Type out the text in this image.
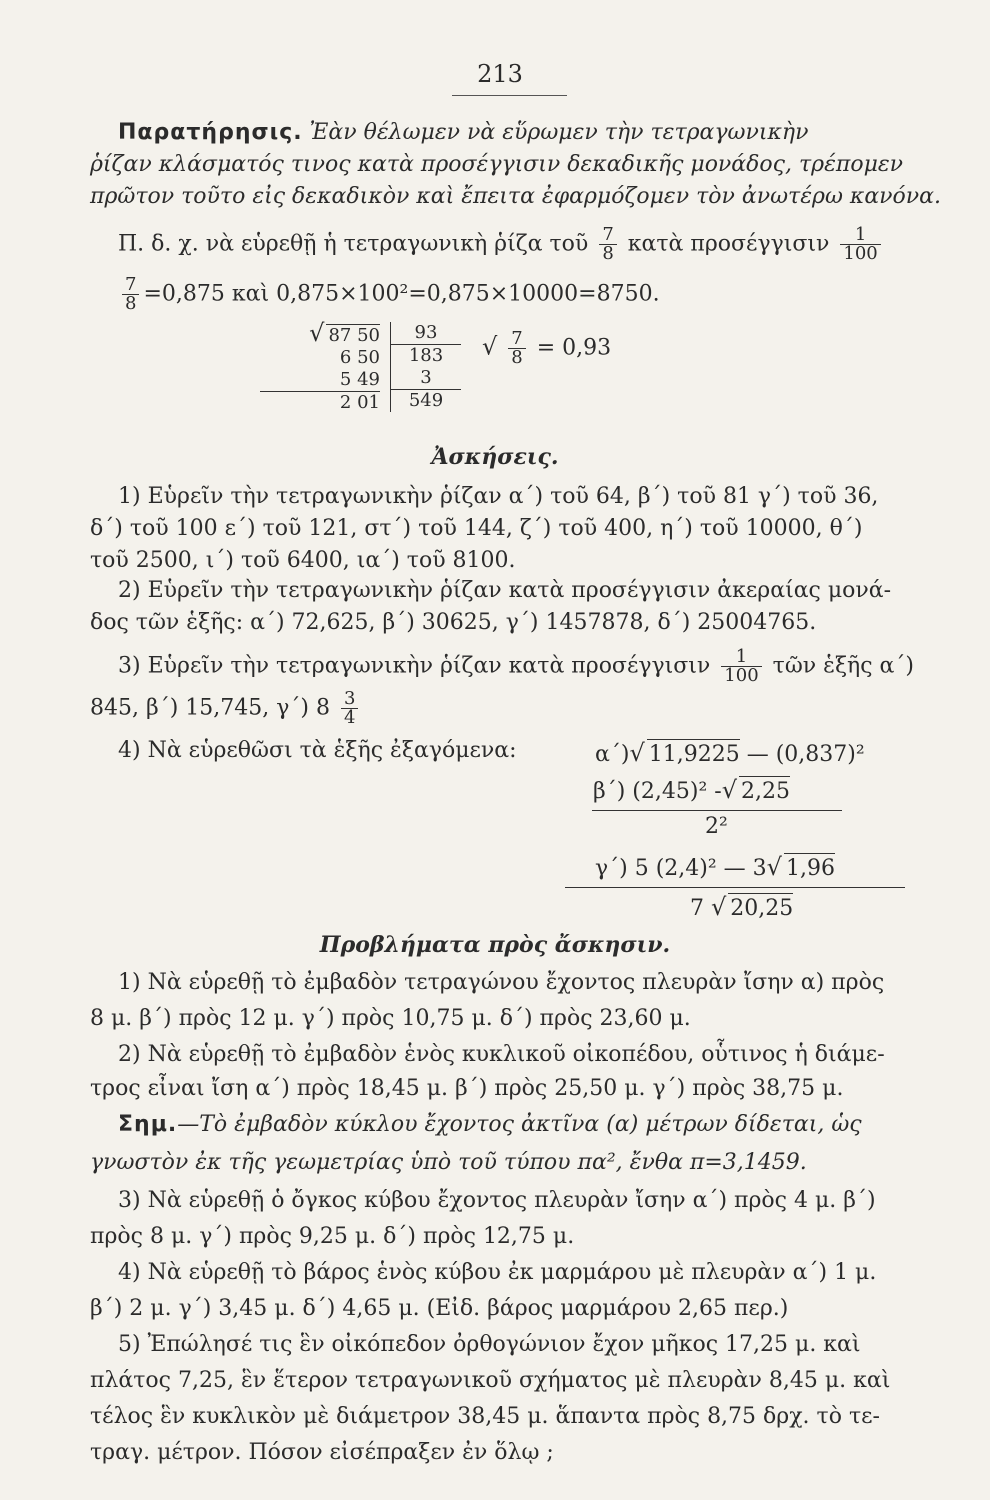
213
Παρατήρησις. Ἐὰν θέλωμεν νὰ εὕρωμεν τὴν τετραγωνικὴν
ῥίζαν κλάσματός τινος κατὰ προσέγγισιν δεκαδικῆς μονάδος, τρέπομεν
πρῶτον τοῦτο εἰς δεκαδικὸν καὶ ἔπειτα ἐφαρμόζομεν τὸν ἀνωτέρω κανόνα.
Π. δ. χ. νὰ εὑρεθῇ ἡ τετραγωνικὴ ῥίζα τοῦ $\frac{7}{8}$ κατὰ προσέγγισιν $\frac{1}{100}$
$\frac{7}{8} =0,875$ καὶ 0,875×100²=0,875×10000=8750.
√ 87 50
6 50
5 49
2 01
93
183
3
549
√ $\frac{7}{8} = 0,93$
Ἀσκήσεις.
1) Εὑρεῖν τὴν τετραγωνικὴν ῥίζαν α΄) τοῦ 64, β΄) τοῦ 81 γ΄) τοῦ 36,
δ΄) τοῦ 100 ε΄) τοῦ 121, στ΄) τοῦ 144, ζ΄) τοῦ 400, η΄) τοῦ 10000, θ΄)
τοῦ 2500, ι΄) τοῦ 6400, ια΄) τοῦ 8100.
2) Εὑρεῖν τὴν τετραγωνικὴν ῥίζαν κατὰ προσέγγισιν ἀκεραίας μονά-
δος τῶν ἑξῆς: α΄) 72,625, β΄) 30625, γ΄) 1457878, δ΄) 25004765.
3) Εὑρεῖν τὴν τετραγωνικὴν ῥίζαν κατὰ προσέγγισιν $\frac{1}{100}$ τῶν ἑξῆς α΄)
845, β΄) 15,745, γ΄) $8 \frac{3}{4}$
4) Νὰ εὑρεθῶσι τὰ ἑξῆς ἐξαγόμενα:	α΄)√ 11,9225 — (0,837)²
β΄) (2,45)² -√ 2,25
2²
γ΄) 5 (2,4)² — 3√ 1,96
7 √ 20,25
Προβλήματα πρὸς ἄσκησιν.
1) Νὰ εὑρεθῇ τὸ ἐμβαδὸν τετραγώνου ἔχοντος πλευρὰν ἴσην α) πρὸς
8 μ. β΄) πρὸς 12 μ. γ΄) πρὸς 10,75 μ. δ΄) πρὸς 23,60 μ.
2) Νὰ εὑρεθῇ τὸ ἐμβαδὸν ἑνὸς κυκλικοῦ οἰκοπέδου, οὗτινος ἡ διάμε-
τρος εἶναι ἴση α΄) πρὸς 18,45 μ. β΄) πρὸς 25,50 μ. γ΄) πρὸς 38,75 μ.
Σημ.—Τὸ ἐμβαδὸν κύκλου ἔχοντος ἀκτῖνα (α) μέτρων δίδεται, ὡς
γνωστὸν ἐκ τῆς γεωμετρίας ὑπὸ τοῦ τύπου πα², ἔνθα π=3,1459.
3) Νὰ εὑρεθῇ ὁ ὄγκος κύβου ἔχοντος πλευρὰν ἴσην α΄) πρὸς 4 μ. β΄)
πρὸς 8 μ. γ΄) πρὸς 9,25 μ. δ΄) πρὸς 12,75 μ.
4) Νὰ εὑρεθῇ τὸ βάρος ἑνὸς κύβου ἐκ μαρμάρου μὲ πλευρὰν α΄) 1 μ.
β΄) 2 μ. γ΄) 3,45 μ. δ΄) 4,65 μ. (Εἰδ. βάρος μαρμάρου 2,65 περ.)
5) Ἐπώλησέ τις ἓν οἰκόπεδον ὀρθογώνιον ἔχον μῆκος 17,25 μ. καὶ
πλάτος 7,25, ἓν ἕτερον τετραγωνικοῦ σχήματος μὲ πλευρὰν 8,45 μ. καὶ
τέλος ἓν κυκλικὸν μὲ διάμετρον 38,45 μ. ἅπαντα πρὸς 8,75 δρχ. τὸ τε-
τραγ. μέτρον. Πόσον εἰσέπραξεν ἐν ὅλῳ ;
